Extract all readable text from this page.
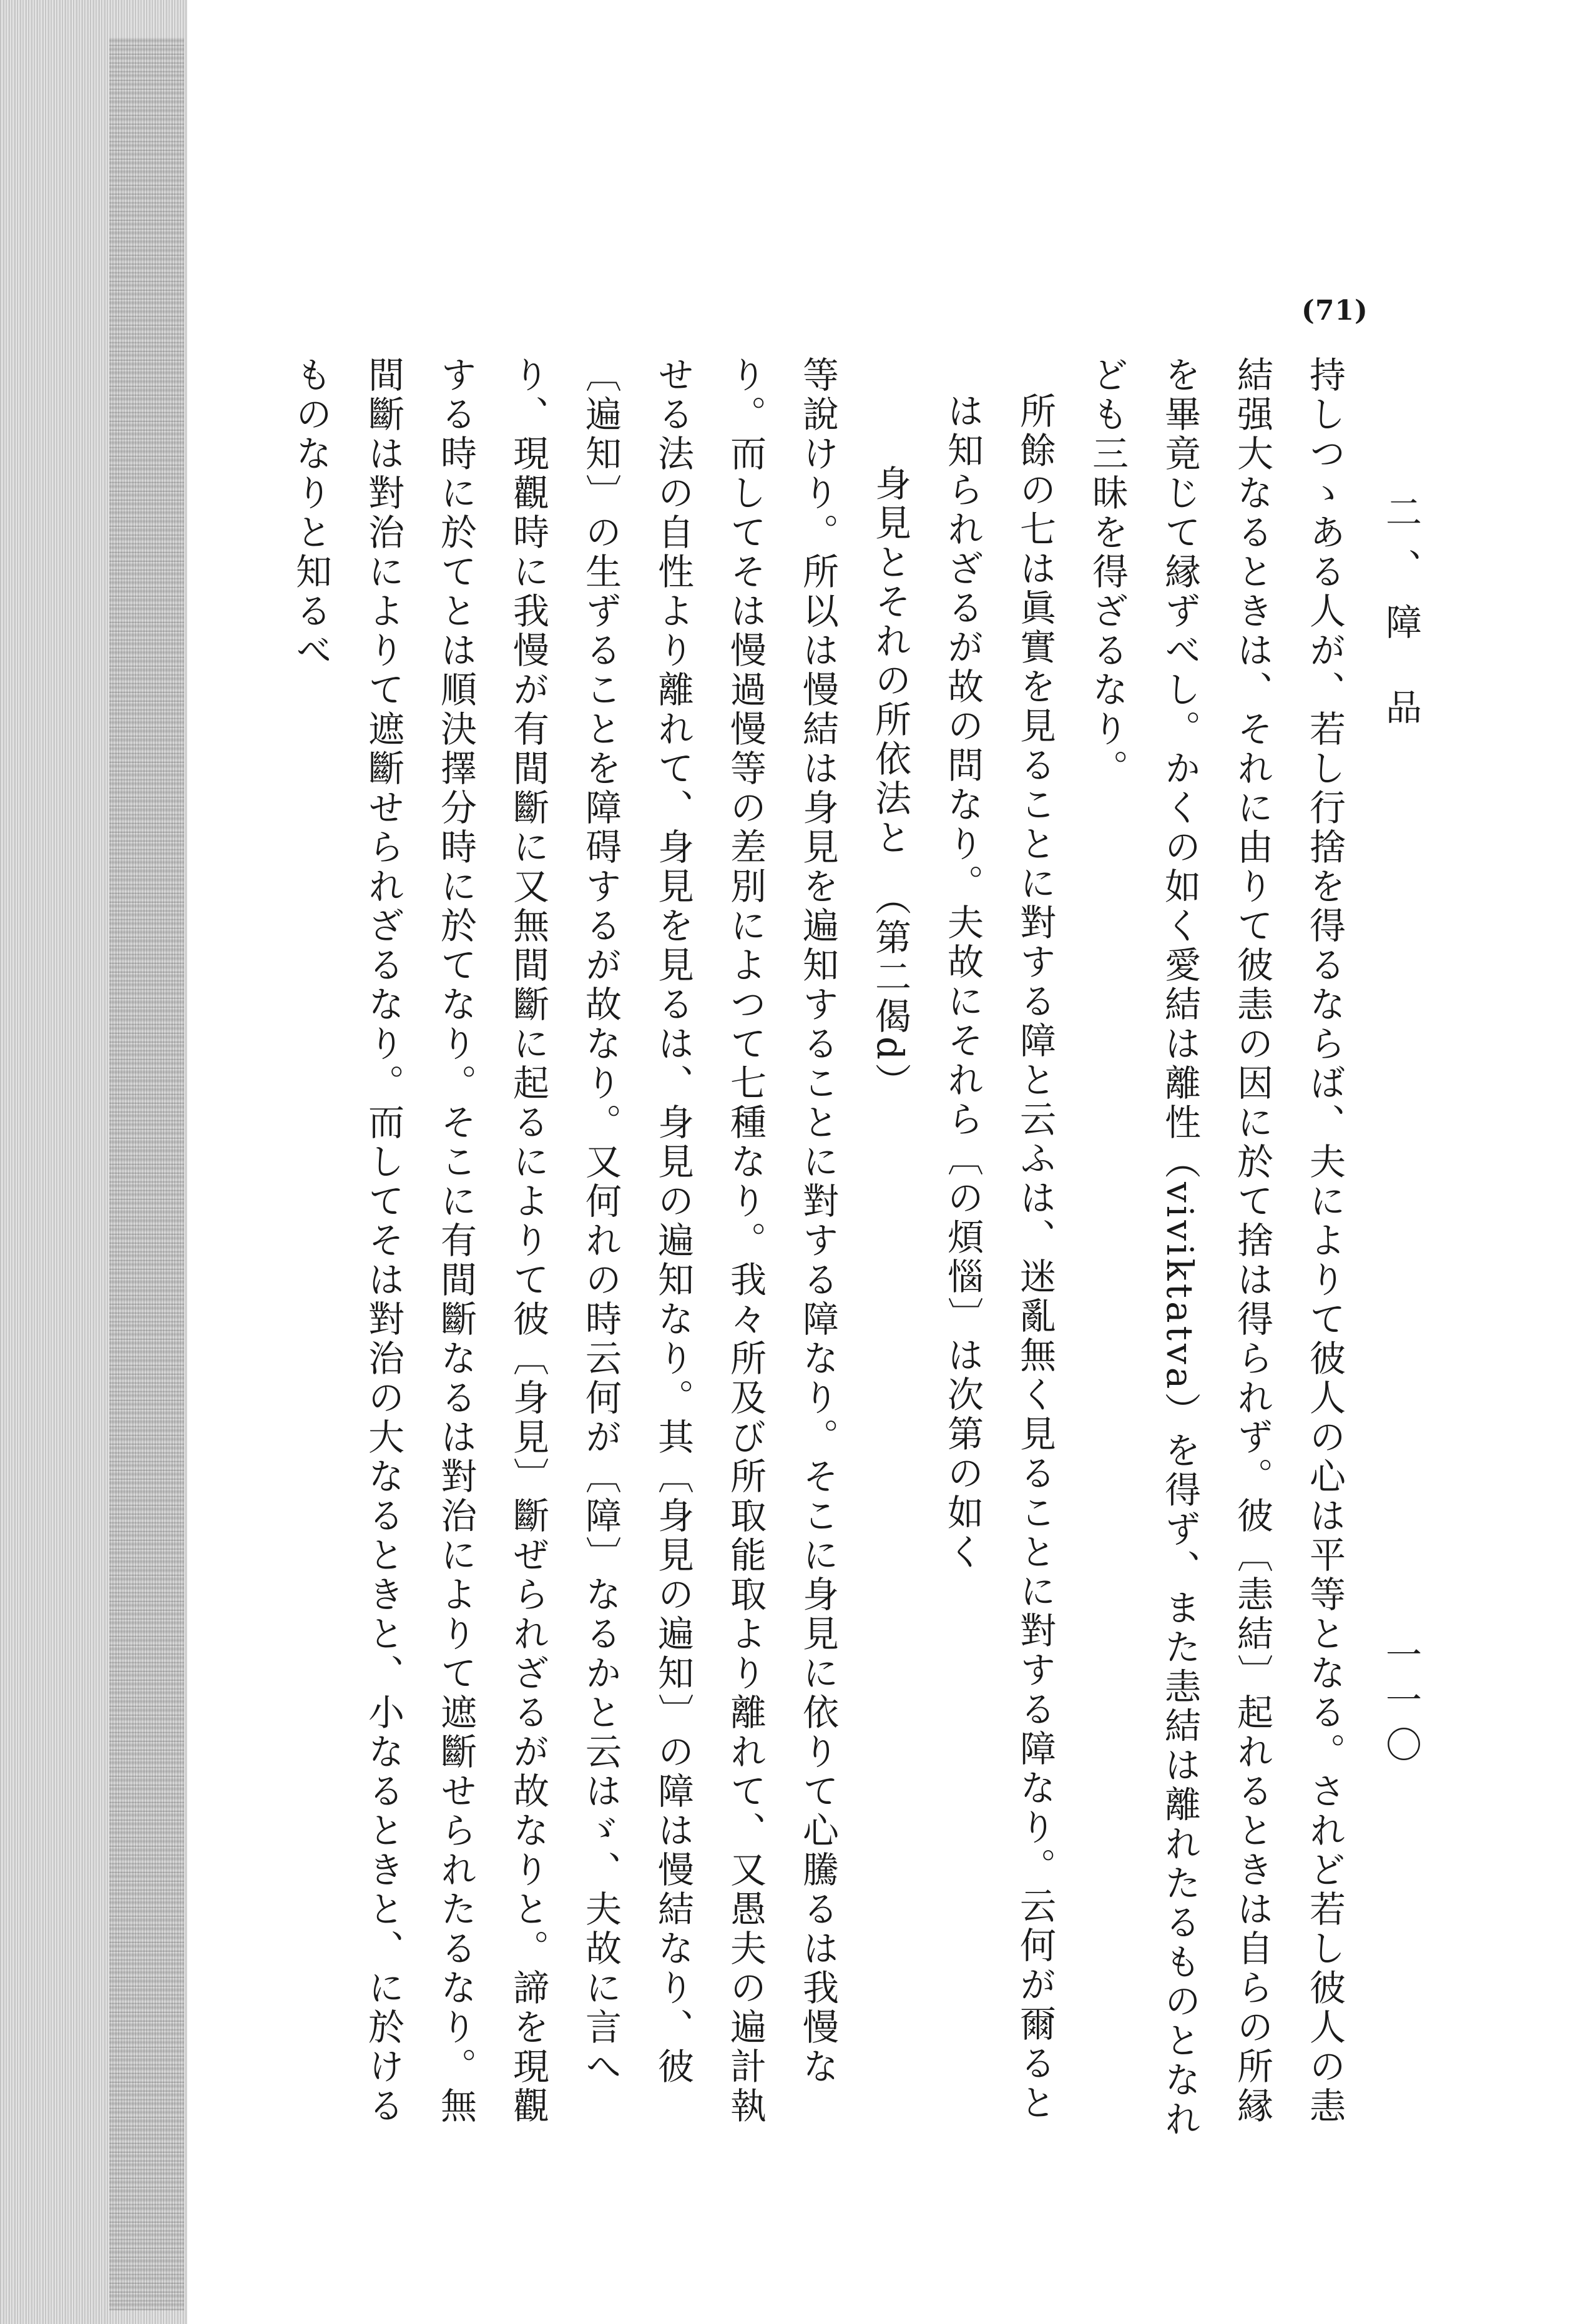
(71)
二、障 品
一一〇

持しつゝある人が、若し行捨を得るならば、夫によりて彼人の心は平等となる。されど若し彼人の恚結强大なるときは、それに由りて彼恚の因に於て捨は得られず。彼〔恚結〕起れるときは自らの所縁を畢竟じて縁ずべし。かくの如く愛結は離性（viviktatva）を得ず、また恚結は離れたるものとなれども三昧を得ざるなり。

所餘の七は眞實を見ることに對する障と云ふは、迷亂無く見ることに對する障なり。云何が爾ると は知られざるが故の問なり。夫故にそれら〔の煩惱〕は次第の如く

身見とそれの所依法と　（第二偈d）

等說けり。所以は慢結は身見を遍知することに對する障なり。そこに身見に依りて心騰るは我慢なり。而してそは慢過慢等の差別によつて七種なり。我々所及び所取能取より離れて、又愚夫の遍計執せる法の自性より離れて、身見を見るは、身見の遍知なり。其〔身見の遍知〕の障は慢結なり、彼〔遍知〕の生ずることを障碍するが故なり。又何れの時云何が〔障〕なるかと云はゞ、夫故に言へり、現觀時に我慢が有間斷に又無間斷に起るによりて彼〔身見〕斷ぜられざるが故なりと。諦を現觀する時に於てとは順決擇分時に於てなり。そこに有間斷なるは對治によりて遮斷せられたるなり。無間斷は對治によりて遮斷せられざるなり。而してそは對治の大なるときと、小なるときと、に於けるものなりと知るべ
